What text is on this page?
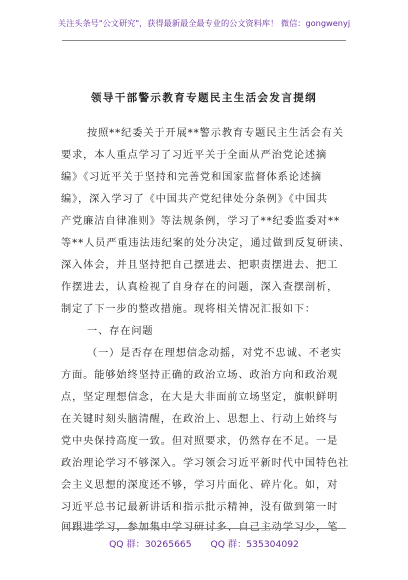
关注头条号"公文研究"，获得最新最全最专业的公文资料库！ 微信：gongwenyj
领导干部警示教育专题民主生活会发言提纲
按照**纪委关于开展**警示教育专题民主生活会有关
要求，本人重点学习了习近平关于全面从严治党论述摘
编》《习近平关于坚持和完善党和国家监督体系论述摘
编》，深入学习了《中国共产党纪律处分条例》《中国共
产党廉洁自律准则》等法规条例，学习了**纪委监委对**
等**人员严重违法违纪案的处分决定，通过做到反复研读、
深入体会，并且坚持把自己摆进去、把职责摆进去、把工
作摆进去，认真检视了自身存在的问题，深入查摆剖析，
制定了下一步的整改措施。现将相关情况汇报如下：
一、存在问题
（一）是否存在理想信念动摇，对党不忠诚、不老实
方面。能够始终坚持正确的政治立场、政治方向和政治观
点，坚定理想信念，在大是大非面前立场坚定，旗帜鲜明
在关键时刻头脑清醒，在政治上、思想上、行动上始终与
党中央保持高度一致。但对照要求，仍然存在不足。一是
政治理论学习不够深入。学习领会习近平新时代中国特色社
会主义思想的深度还不够，学习片面化、碎片化。如，对
习近平总书记最新讲话和指示批示精神，没有做到第一时
QQ 群：30265665 QQ 群：535304092
